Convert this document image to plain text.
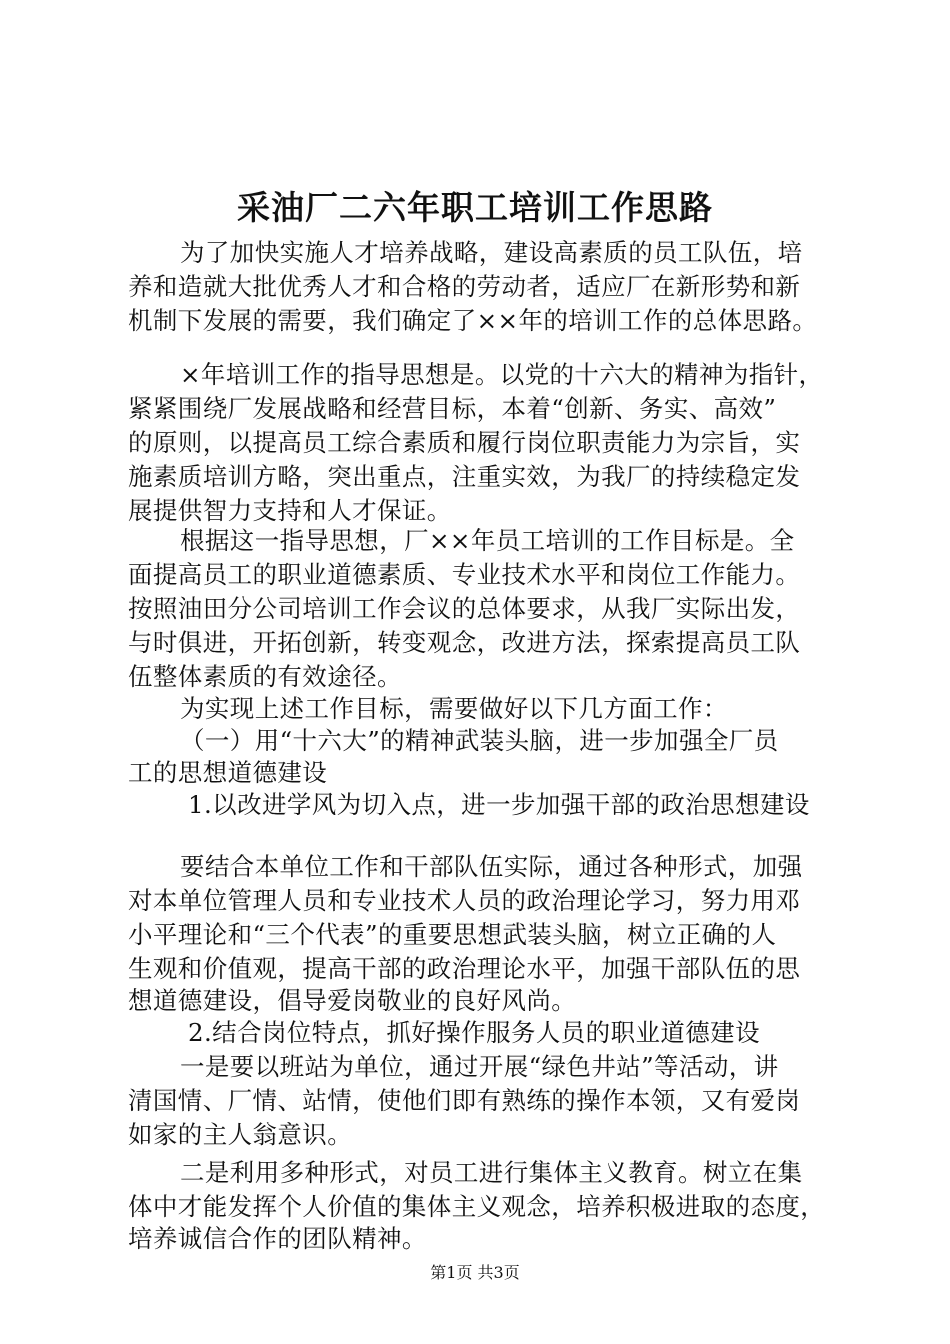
采油厂二六年职工培训工作思路
为了加快实施人才培养战略，建设高素质的员工队伍，培
养和造就大批优秀人才和合格的劳动者，适应厂在新形势和新
机制下发展的需要，我们确定了××年的培训工作的总体思路。
×年培训工作的指导思想是。以党的十六大的精神为指针，
紧紧围绕厂发展战略和经营目标，本着“创新、务实、高效”
的原则，以提高员工综合素质和履行岗位职责能力为宗旨，实
施素质培训方略，突出重点，注重实效，为我厂的持续稳定发
展提供智力支持和人才保证。
根据这一指导思想，厂××年员工培训的工作目标是。全
面提高员工的职业道德素质、专业技术水平和岗位工作能力。
按照油田分公司培训工作会议的总体要求，从我厂实际出发，
与时俱进，开拓创新，转变观念，改进方法，探索提高员工队
伍整体素质的有效途径。
为实现上述工作目标，需要做好以下几方面工作：
（一）用“十六大”的精神武装头脑，进一步加强全厂员
工的思想道德建设
1.以改进学风为切入点，进一步加强干部的政治思想建设
要结合本单位工作和干部队伍实际，通过各种形式，加强
对本单位管理人员和专业技术人员的政治理论学习，努力用邓
小平理论和“三个代表”的重要思想武装头脑，树立正确的人
生观和价值观，提高干部的政治理论水平，加强干部队伍的思
想道德建设，倡导爱岗敬业的良好风尚。
2.结合岗位特点，抓好操作服务人员的职业道德建设
一是要以班站为单位，通过开展“绿色井站”等活动，讲
清国情、厂情、站情，使他们即有熟练的操作本领，又有爱岗
如家的主人翁意识。
二是利用多种形式，对员工进行集体主义教育。树立在集
体中才能发挥个人价值的集体主义观念，培养积极进取的态度，
第1页 共3页
培养诚信合作的团队精神。
